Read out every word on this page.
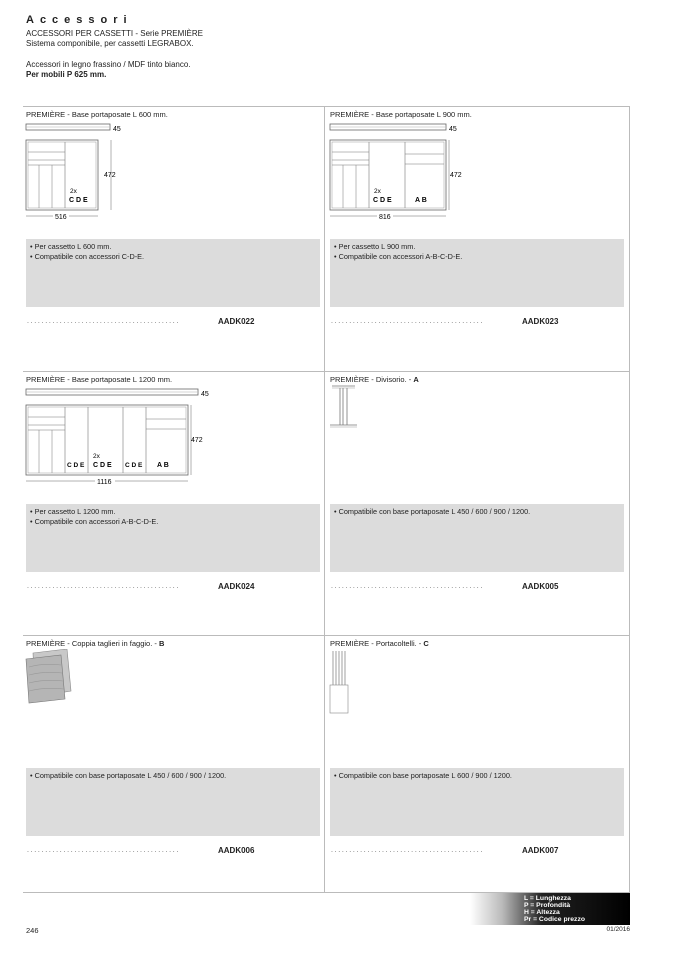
Accessori
ACCESSORI PER CASSETTI - Serie PREMIÈRE
Sistema componibile, per cassetti LEGRABOX.
Accessori in legno frassino / MDF tinto bianco.
Per mobili P 625 mm.
PREMIÈRE - Base portaposate L 600 mm.
45
2x
C D E
472
516
• Per cassetto L 600 mm.
• Compatibile con accessori C-D-E.
..........................................	AADK022
PREMIÈRE - Base portaposate L 900 mm.
45
2x
C D E	A B
472
816
• Per cassetto L 900 mm.
• Compatibile con accessori A-B-C-D-E.
..........................................	AADK023
PREMIÈRE - Base portaposate L 1200 mm.
45
2x
C D E C D E C D E A B
472
1116
• Per cassetto L 1200 mm.
• Compatibile con accessori A-B-C-D-E.
..........................................	AADK024
PREMIÈRE - Divisorio. - A
• Compatibile con base portaposate L 450 / 600 / 900 / 1200.
..........................................	AADK005
PREMIÈRE - Coppia taglieri in faggio. - B
• Compatibile con base portaposate L 450 / 600 / 900 / 1200.
..........................................	AADK006
PREMIÈRE - Portacoltelli. - C
• Compatibile con base portaposate L 600 / 900 / 1200.
..........................................	AADK007
L = Lunghezza
P = Profondità
H = Altezza
Pr = Codice prezzo
246	01/2016
